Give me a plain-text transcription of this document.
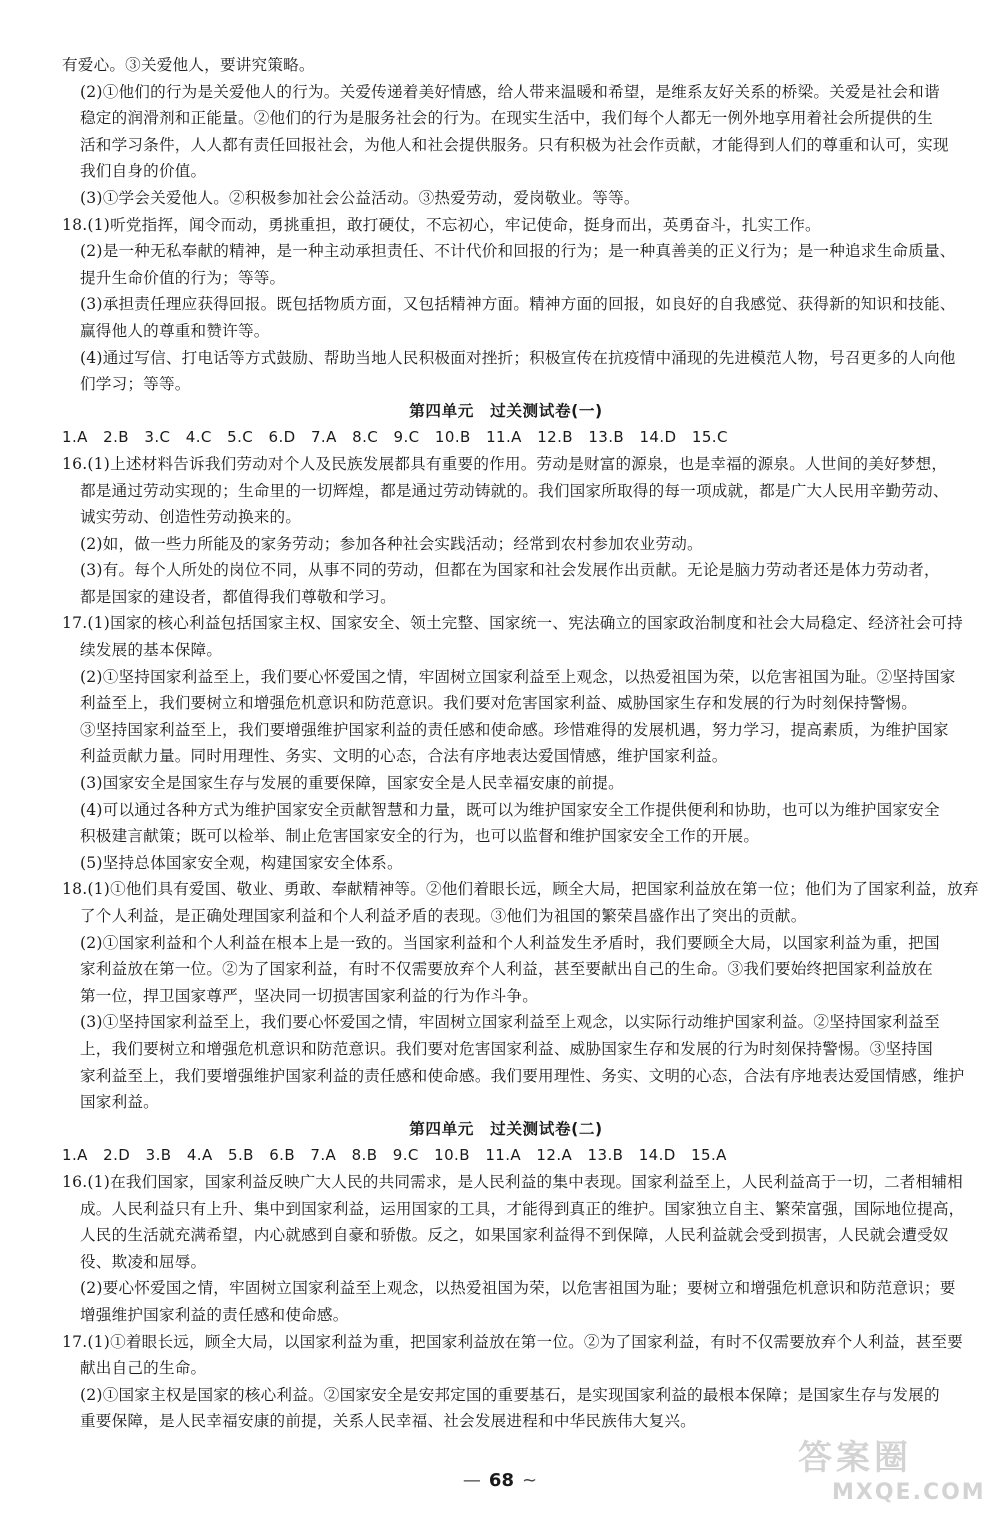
有爱心。③关爱他人，要讲究策略。
(2)①他们的行为是关爱他人的行为。关爱传递着美好情感，给人带来温暖和希望，是维系友好关系的桥梁。关爱是社会和谐
稳定的润滑剂和正能量。②他们的行为是服务社会的行为。在现实生活中，我们每个人都无一例外地享用着社会所提供的生
活和学习条件，人人都有责任回报社会，为他人和社会提供服务。只有积极为社会作贡献，才能得到人们的尊重和认可，实现
我们自身的价值。
(3)①学会关爱他人。②积极参加社会公益活动。③热爱劳动，爱岗敬业。等等。
18.(1)听党指挥，闻令而动，勇挑重担，敢打硬仗，不忘初心，牢记使命，挺身而出，英勇奋斗，扎实工作。
(2)是一种无私奉献的精神，是一种主动承担责任、不计代价和回报的行为；是一种真善美的正义行为；是一种追求生命质量、
提升生命价值的行为；等等。
(3)承担责任理应获得回报。既包括物质方面，又包括精神方面。精神方面的回报，如良好的自我感觉、获得新的知识和技能、
赢得他人的尊重和赞许等。
(4)通过写信、打电话等方式鼓励、帮助当地人民积极面对挫折；积极宣传在抗疫情中涌现的先进模范人物，号召更多的人向他
们学习；等等。
第四单元　过关测试卷(一)
1.A　2.B　3.C　4.C　5.C　6.D　7.A　8.C　9.C　10.B　11.A　12.B　13.B　14.D　15.C
16.(1)上述材料告诉我们劳动对个人及民族发展都具有重要的作用。劳动是财富的源泉，也是幸福的源泉。人世间的美好梦想，
都是通过劳动实现的；生命里的一切辉煌，都是通过劳动铸就的。我们国家所取得的每一项成就，都是广大人民用辛勤劳动、
诚实劳动、创造性劳动换来的。
(2)如，做一些力所能及的家务劳动；参加各种社会实践活动；经常到农村参加农业劳动。
(3)有。每个人所处的岗位不同，从事不同的劳动，但都在为国家和社会发展作出贡献。无论是脑力劳动者还是体力劳动者，
都是国家的建设者，都值得我们尊敬和学习。
17.(1)国家的核心利益包括国家主权、国家安全、领土完整、国家统一、宪法确立的国家政治制度和社会大局稳定、经济社会可持
续发展的基本保障。
(2)①坚持国家利益至上，我们要心怀爱国之情，牢固树立国家利益至上观念，以热爱祖国为荣，以危害祖国为耻。②坚持国家
利益至上，我们要树立和增强危机意识和防范意识。我们要对危害国家利益、威胁国家生存和发展的行为时刻保持警惕。
③坚持国家利益至上，我们要增强维护国家利益的责任感和使命感。珍惜难得的发展机遇，努力学习，提高素质，为维护国家
利益贡献力量。同时用理性、务实、文明的心态，合法有序地表达爱国情感，维护国家利益。
(3)国家安全是国家生存与发展的重要保障，国家安全是人民幸福安康的前提。
(4)可以通过各种方式为维护国家安全贡献智慧和力量，既可以为维护国家安全工作提供便利和协助，也可以为维护国家安全
积极建言献策；既可以检举、制止危害国家安全的行为，也可以监督和维护国家安全工作的开展。
(5)坚持总体国家安全观，构建国家安全体系。
18.(1)①他们具有爱国、敬业、勇敢、奉献精神等。②他们着眼长远，顾全大局，把国家利益放在第一位；他们为了国家利益，放弃
了个人利益，是正确处理国家利益和个人利益矛盾的表现。③他们为祖国的繁荣昌盛作出了突出的贡献。
(2)①国家利益和个人利益在根本上是一致的。当国家利益和个人利益发生矛盾时，我们要顾全大局，以国家利益为重，把国
家利益放在第一位。②为了国家利益，有时不仅需要放弃个人利益，甚至要献出自己的生命。③我们要始终把国家利益放在
第一位，捍卫国家尊严，坚决同一切损害国家利益的行为作斗争。
(3)①坚持国家利益至上，我们要心怀爱国之情，牢固树立国家利益至上观念，以实际行动维护国家利益。②坚持国家利益至
上，我们要树立和增强危机意识和防范意识。我们要对危害国家利益、威胁国家生存和发展的行为时刻保持警惕。③坚持国
家利益至上，我们要增强维护国家利益的责任感和使命感。我们要用理性、务实、文明的心态，合法有序地表达爱国情感，维护
国家利益。
第四单元　过关测试卷(二)
1.A　2.D　3.B　4.A　5.B　6.B　7.A　8.B　9.C　10.B　11.A　12.A　13.B　14.D　15.A
16.(1)在我们国家，国家利益反映广大人民的共同需求，是人民利益的集中表现。国家利益至上，人民利益高于一切，二者相辅相
成。人民利益只有上升、集中到国家利益，运用国家的工具，才能得到真正的维护。国家独立自主、繁荣富强，国际地位提高，
人民的生活就充满希望，内心就感到自豪和骄傲。反之，如果国家利益得不到保障，人民利益就会受到损害，人民就会遭受奴
役、欺凌和屈辱。
(2)要心怀爱国之情，牢固树立国家利益至上观念，以热爱祖国为荣，以危害祖国为耻；要树立和增强危机意识和防范意识；要
增强维护国家利益的责任感和使命感。
17.(1)①着眼长远，顾全大局，以国家利益为重，把国家利益放在第一位。②为了国家利益，有时不仅需要放弃个人利益，甚至要
献出自己的生命。
(2)①国家主权是国家的核心利益。②国家安全是安邦定国的重要基石，是实现国家利益的最根本保障；是国家生存与发展的
重要保障，是人民幸福安康的前提，关系人民幸福、社会发展进程和中华民族伟大复兴。
— 68 ~
答案圈
MXQE.COM
